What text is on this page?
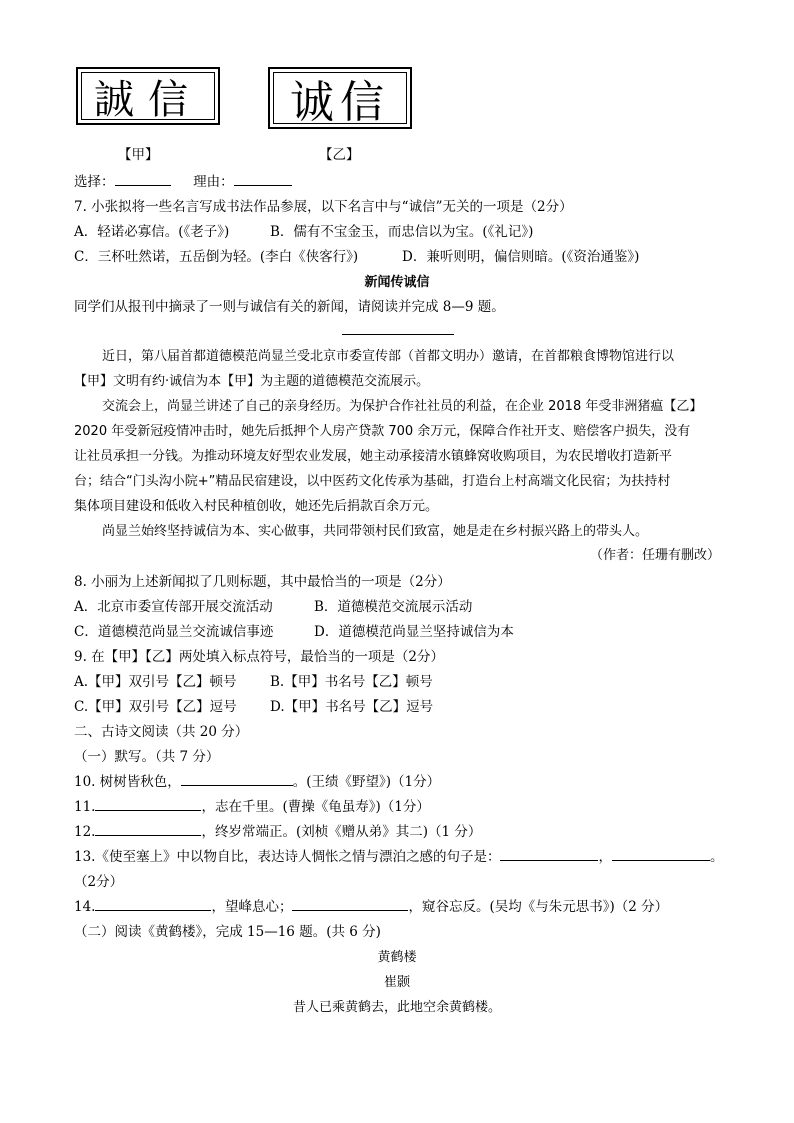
誠信 诚信
【甲】	【乙】
选择：	理由：
7. 小张拟将一些名言写成书法作品参展，以下名言中与“诚信”无关的一项是（2分）
A．轻诺必寡信。(《老子》)	B．儒有不宝金玉，而忠信以为宝。(《礼记》)
C．三杯吐然诺，五岳倒为轻。(李白《侠客行》)	D．兼听则明，偏信则暗。(《资治通鉴》)
新闻传诚信
同学们从报刊中摘录了一则与诚信有关的新闻，请阅读并完成 8—9 题。
近日，第八届首都道德模范尚显兰受北京市委宣传部（首都文明办）邀请，在首都粮食博物馆进行以
【甲】文明有约·诚信为本【甲】为主题的道德模范交流展示。
交流会上，尚显兰讲述了自己的亲身经历。为保护合作社社员的利益，在企业 2018 年受非洲猪瘟【乙】
2020 年受新冠疫情冲击时，她先后抵押个人房产贷款 700 余万元，保障合作社开支、赔偿客户损失，没有
让社员承担一分钱。为推动环境友好型农业发展，她主动承接清水镇蜂窝收购项目，为农民增收打造新平
台；结合“门头沟小院+”精品民宿建设，以中医药文化传承为基础，打造台上村高端文化民宿；为扶持村
集体项目建设和低收入村民种植创收，她还先后捐款百余万元。
尚显兰始终坚持诚信为本、实心做事，共同带领村民们致富，她是走在乡村振兴路上的带头人。
（作者：任珊有删改）
8. 小丽为上述新闻拟了几则标题，其中最恰当的一项是（2分）
A．北京市委宣传部开展交流活动	B．道德模范交流展示活动
C．道德模范尚显兰交流诚信事迹	D．道德模范尚显兰坚持诚信为本
9. 在【甲】【乙】两处填入标点符号，最恰当的一项是（2分）
A.【甲】双引号【乙】顿号 B.【甲】书名号【乙】顿号
C.【甲】双引号【乙】逗号 D.【甲】书名号【乙】逗号
二、古诗文阅读（共 20 分）
（一）默写。（共 7 分）
10. 树树皆秋色，	。(王绩《野望》)（1分）
11.	，志在千里。(曹操《龟虽寿》)（1分）
12.	，终岁常端正。(刘桢《赠从弟》其二)（1 分）
13.《使至塞上》中以物自比，表达诗人惆怅之情与漂泊之感的句子是：	，	。
（2分）
14.	，望峰息心；	，窥谷忘反。(吴均《与朱元思书》)（2 分）
（二）阅读《黄鹤楼》，完成 15—16 题。(共 6 分)
黄鹤楼
崔颢
昔人已乘黄鹤去，此地空余黄鹤楼。
